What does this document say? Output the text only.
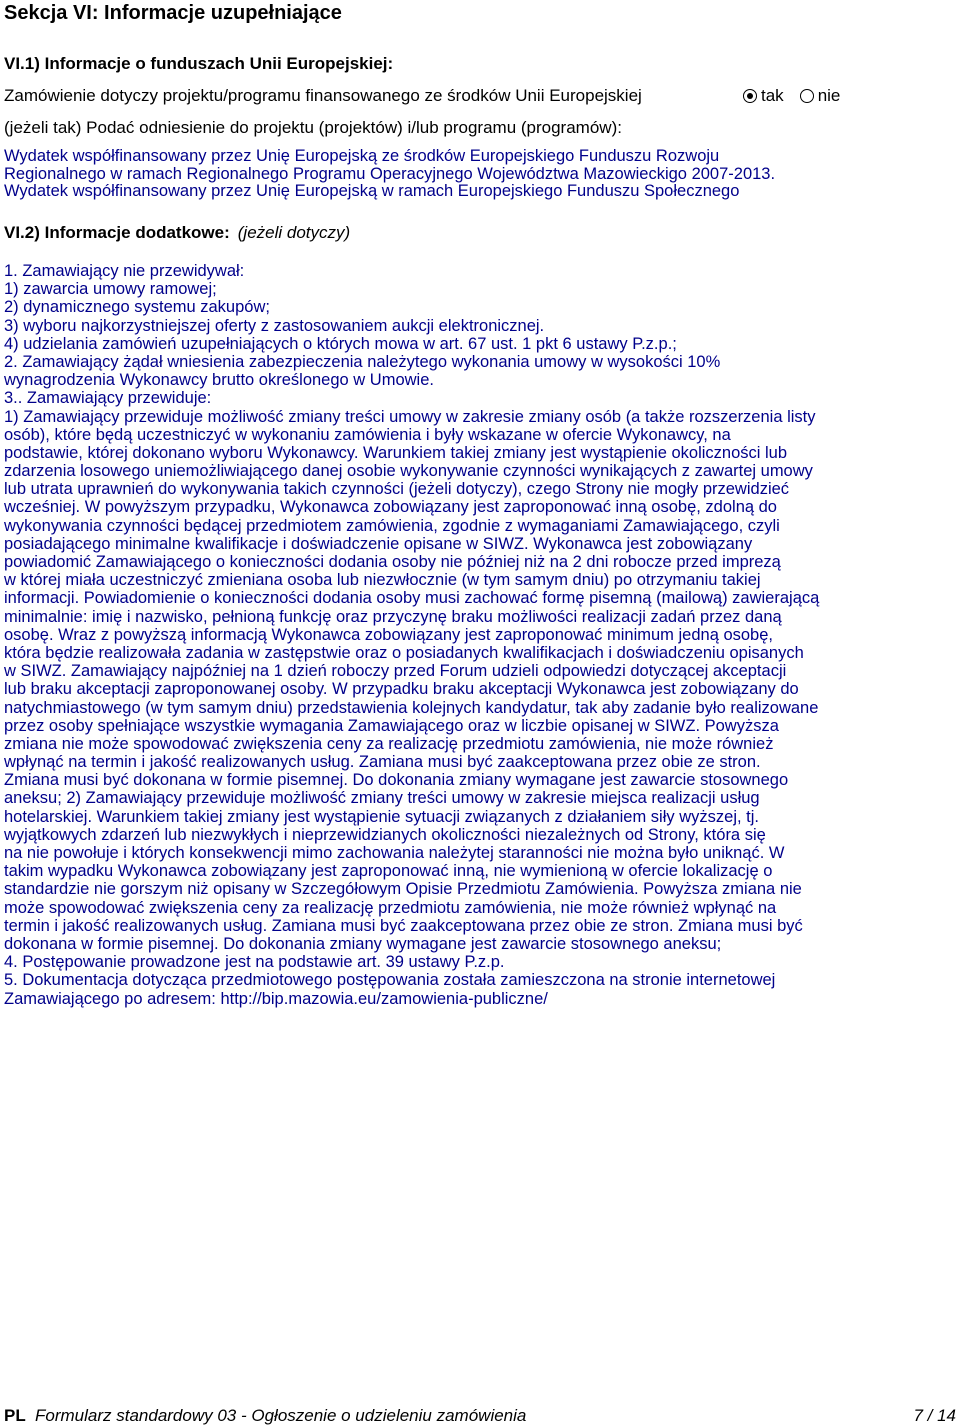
Sekcja VI: Informacje uzupełniające
VI.1) Informacje o funduszach Unii Europejskiej:
Zamówienie dotyczy projektu/programu finansowanego ze środków Unii Europejskiej	tak nie
(jeżeli tak) Podać odniesienie do projektu (projektów) i/lub programu (programów):
Wydatek współfinansowany przez Unię Europejską ze środków Europejskiego Funduszu Rozwoju
Regionalnego w ramach Regionalnego Programu Operacyjnego Województwa Mazowieckigo 2007-2013.
Wydatek współfinansowany przez Unię Europejską w ramach Europejskiego Funduszu Społecznego
VI.2) Informacje dodatkowe: (jeżeli dotyczy)
1. Zamawiający nie przewidywał:
1) zawarcia umowy ramowej;
2) dynamicznego systemu zakupów;
3) wyboru najkorzystniejszej oferty z zastosowaniem aukcji elektronicznej.
4) udzielania zamówień uzupełniających o których mowa w art. 67 ust. 1 pkt 6 ustawy P.z.p.;
2. Zamawiający żądał wniesienia zabezpieczenia należytego wykonania umowy w wysokości 10%
wynagrodzenia Wykonawcy brutto określonego w Umowie.
3.. Zamawiający przewiduje:
1) Zamawiający przewiduje możliwość zmiany treści umowy w zakresie zmiany osób (a także rozszerzenia listy
osób), które będą uczestniczyć w wykonaniu zamówienia i były wskazane w ofercie Wykonawcy, na
podstawie, której dokonano wyboru Wykonawcy. Warunkiem takiej zmiany jest wystąpienie okoliczności lub
zdarzenia losowego uniemożliwiającego danej osobie wykonywanie czynności wynikających z zawartej umowy
lub utrata uprawnień do wykonywania takich czynności (jeżeli dotyczy), czego Strony nie mogły przewidzieć
wcześniej. W powyższym przypadku, Wykonawca zobowiązany jest zaproponować inną osobę, zdolną do
wykonywania czynności będącej przedmiotem zamówienia, zgodnie z wymaganiami Zamawiającego, czyli
posiadającego minimalne kwalifikacje i doświadczenie opisane w SIWZ. Wykonawca jest zobowiązany
powiadomić Zamawiającego o konieczności dodania osoby nie później niż na 2 dni robocze przed imprezą
w której miała uczestniczyć zmieniana osoba lub niezwłocznie (w tym samym dniu) po otrzymaniu takiej
informacji. Powiadomienie o konieczności dodania osoby musi zachować formę pisemną (mailową) zawierającą
minimalnie: imię i nazwisko, pełnioną funkcję oraz przyczynę braku możliwości realizacji zadań przez daną
osobę. Wraz z powyższą informacją Wykonawca zobowiązany jest zaproponować minimum jedną osobę,
która będzie realizowała zadania w zastępstwie oraz o posiadanych kwalifikacjach i doświadczeniu opisanych
w SIWZ. Zamawiający najpóźniej na 1 dzień roboczy przed Forum udzieli odpowiedzi dotyczącej akceptacji
lub braku akceptacji zaproponowanej osoby. W przypadku braku akceptacji Wykonawca jest zobowiązany do
natychmiastowego (w tym samym dniu) przedstawienia kolejnych kandydatur, tak aby zadanie było realizowane
przez osoby spełniające wszystkie wymagania Zamawiającego oraz w liczbie opisanej w SIWZ. Powyższa
zmiana nie może spowodować zwiększenia ceny za realizację przedmiotu zamówienia, nie może również
wpłynąć na termin i jakość realizowanych usług. Zamiana musi być zaakceptowana przez obie ze stron.
Zmiana musi być dokonana w formie pisemnej. Do dokonania zmiany wymagane jest zawarcie stosownego
aneksu; 2) Zamawiający przewiduje możliwość zmiany treści umowy w zakresie miejsca realizacji usług
hotelarskiej. Warunkiem takiej zmiany jest wystąpienie sytuacji związanych z działaniem siły wyższej, tj.
wyjątkowych zdarzeń lub niezwykłych i nieprzewidzianych okoliczności niezależnych od Strony, która się
na nie powołuje i których konsekwencji mimo zachowania należytej staranności nie można było uniknąć. W
takim wypadku Wykonawca zobowiązany jest zaproponować inną, nie wymienioną w ofercie lokalizację o
standardzie nie gorszym niż opisany w Szczegółowym Opisie Przedmiotu Zamówienia. Powyższa zmiana nie
może spowodować zwiększenia ceny za realizację przedmiotu zamówienia, nie może również wpłynąć na
termin i jakość realizowanych usług. Zamiana musi być zaakceptowana przez obie ze stron. Zmiana musi być
dokonana w formie pisemnej. Do dokonania zmiany wymagane jest zawarcie stosownego aneksu;
4. Postępowanie prowadzone jest na podstawie art. 39 ustawy P.z.p.
5. Dokumentacja dotycząca przedmiotowego postępowania została zamieszczona na stronie internetowej
Zamawiającego po adresem: http://bip.mazowia.eu/zamowienia-publiczne/
PL Formularz standardowy 03 - Ogłoszenie o udzieleniu zamówienia	7 / 14
